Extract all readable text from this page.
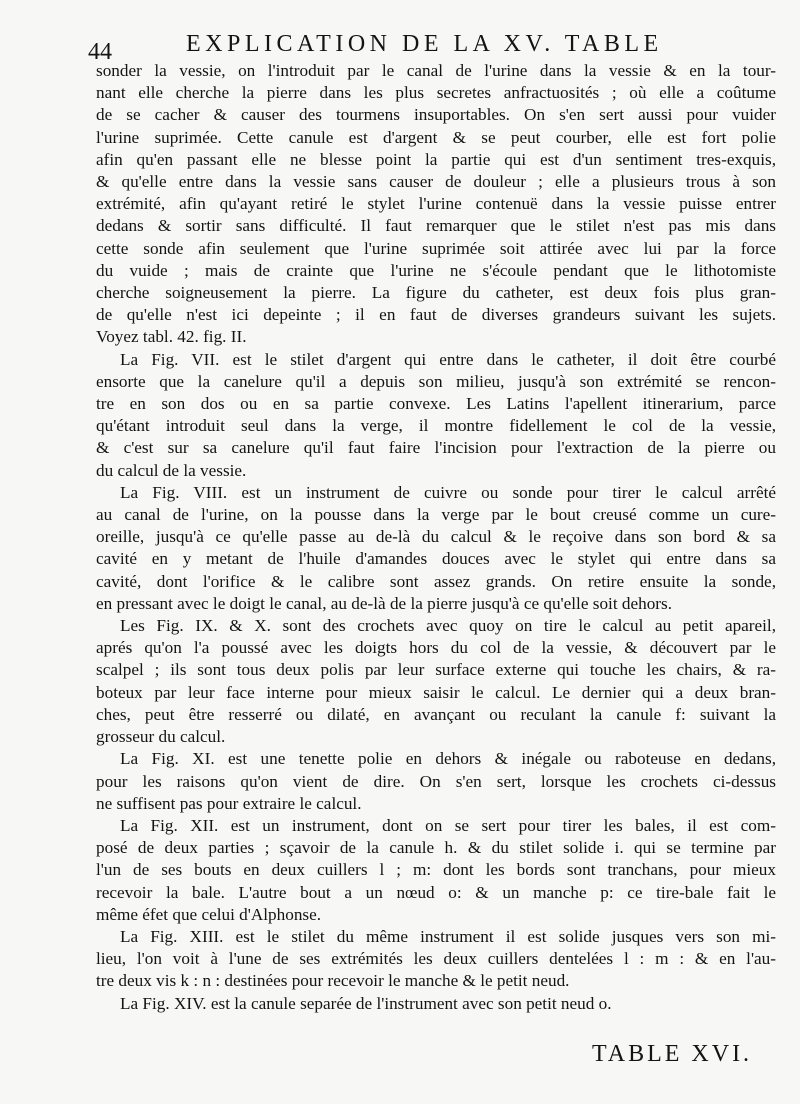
44	EXPLICATION DE LA XV. TABLE

sonder la vessie, on l'introduit par le canal de l'urine dans la vessie & en la tour-
nant elle cherche la pierre dans les plus secretes anfractuosités ; où elle a coûtume
de se cacher & causer des tourmens insuportables. On s'en sert aussi pour vuider
l'urine suprimée. Cette canule est d'argent & se peut courber, elle est fort polie
afin qu'en passant elle ne blesse point la partie qui est d'un sentiment tres-exquis,
& qu'elle entre dans la vessie sans causer de douleur ; elle a plusieurs trous à son
extrémité, afin qu'ayant retiré le stylet l'urine contenuë dans la vessie puisse entrer
dedans & sortir sans difficulté. Il faut remarquer que le stilet n'est pas mis dans
cette sonde afin seulement que l'urine suprimée soit attirée avec lui par la force
du vuide ; mais de crainte que l'urine ne s'écoule pendant que le lithotomiste
cherche soigneusement la pierre. La figure du catheter, est deux fois plus gran-
de qu'elle n'est ici depeinte ; il en faut de diverses grandeurs suivant les sujets.
Voyez tabl. 42. fig. II.

La Fig. VII. est le stilet d'argent qui entre dans le catheter, il doit être courbé
ensorte que la canelure qu'il a depuis son milieu, jusqu'à son extrémité se rencon-
tre en son dos ou en sa partie convexe. Les Latins l'apellent itinerarium, parce
qu'étant introduit seul dans la verge, il montre fidellement le col de la vessie,
& c'est sur sa canelure qu'il faut faire l'incision pour l'extraction de la pierre ou
du calcul de la vessie.

La Fig. VIII. est un instrument de cuivre ou sonde pour tirer le calcul arrêté
au canal de l'urine, on la pousse dans la verge par le bout creusé comme un cure-
oreille, jusqu'à ce qu'elle passe au de-là du calcul & le reçoive dans son bord & sa
cavité en y metant de l'huile d'amandes douces avec le stylet qui entre dans sa
cavité, dont l'orifice & le calibre sont assez grands. On retire ensuite la sonde,
en pressant avec le doigt le canal, au de-là de la pierre jusqu'à ce qu'elle soit dehors.

Les Fig. IX. & X. sont des crochets avec quoy on tire le calcul au petit apareil,
aprés qu'on l'a poussé avec les doigts hors du col de la vessie, & découvert par le
scalpel ; ils sont tous deux polis par leur surface externe qui touche les chairs, & ra-
boteux par leur face interne pour mieux saisir le calcul. Le dernier qui a deux bran-
ches, peut être resserré ou dilaté, en avançant ou reculant la canule f: suivant la
grosseur du calcul.

La Fig. XI. est une tenette polie en dehors & inégale ou raboteuse en dedans,
pour les raisons qu'on vient de dire. On s'en sert, lorsque les crochets ci-dessus
ne suffisent pas pour extraire le calcul.

La Fig. XII. est un instrument, dont on se sert pour tirer les bales, il est com-
posé de deux parties ; sçavoir de la canule h. & du stilet solide i. qui se termine par
l'un de ses bouts en deux cuillers l ; m: dont les bords sont tranchans, pour mieux
recevoir la bale. L'autre bout a un nœud o: & un manche p: ce tire-bale fait le
même éfet que celui d'Alphonse.

La Fig. XIII. est le stilet du même instrument il est solide jusques vers son mi-
lieu, l'on voit à l'une de ses extrémités les deux cuillers dentelées l : m : & en l'au-
tre deux vis k : n : destinées pour recevoir le manche & le petit neud.

La Fig. XIV. est la canule separée de l'instrument avec son petit neud o.

TABLE XVI.
